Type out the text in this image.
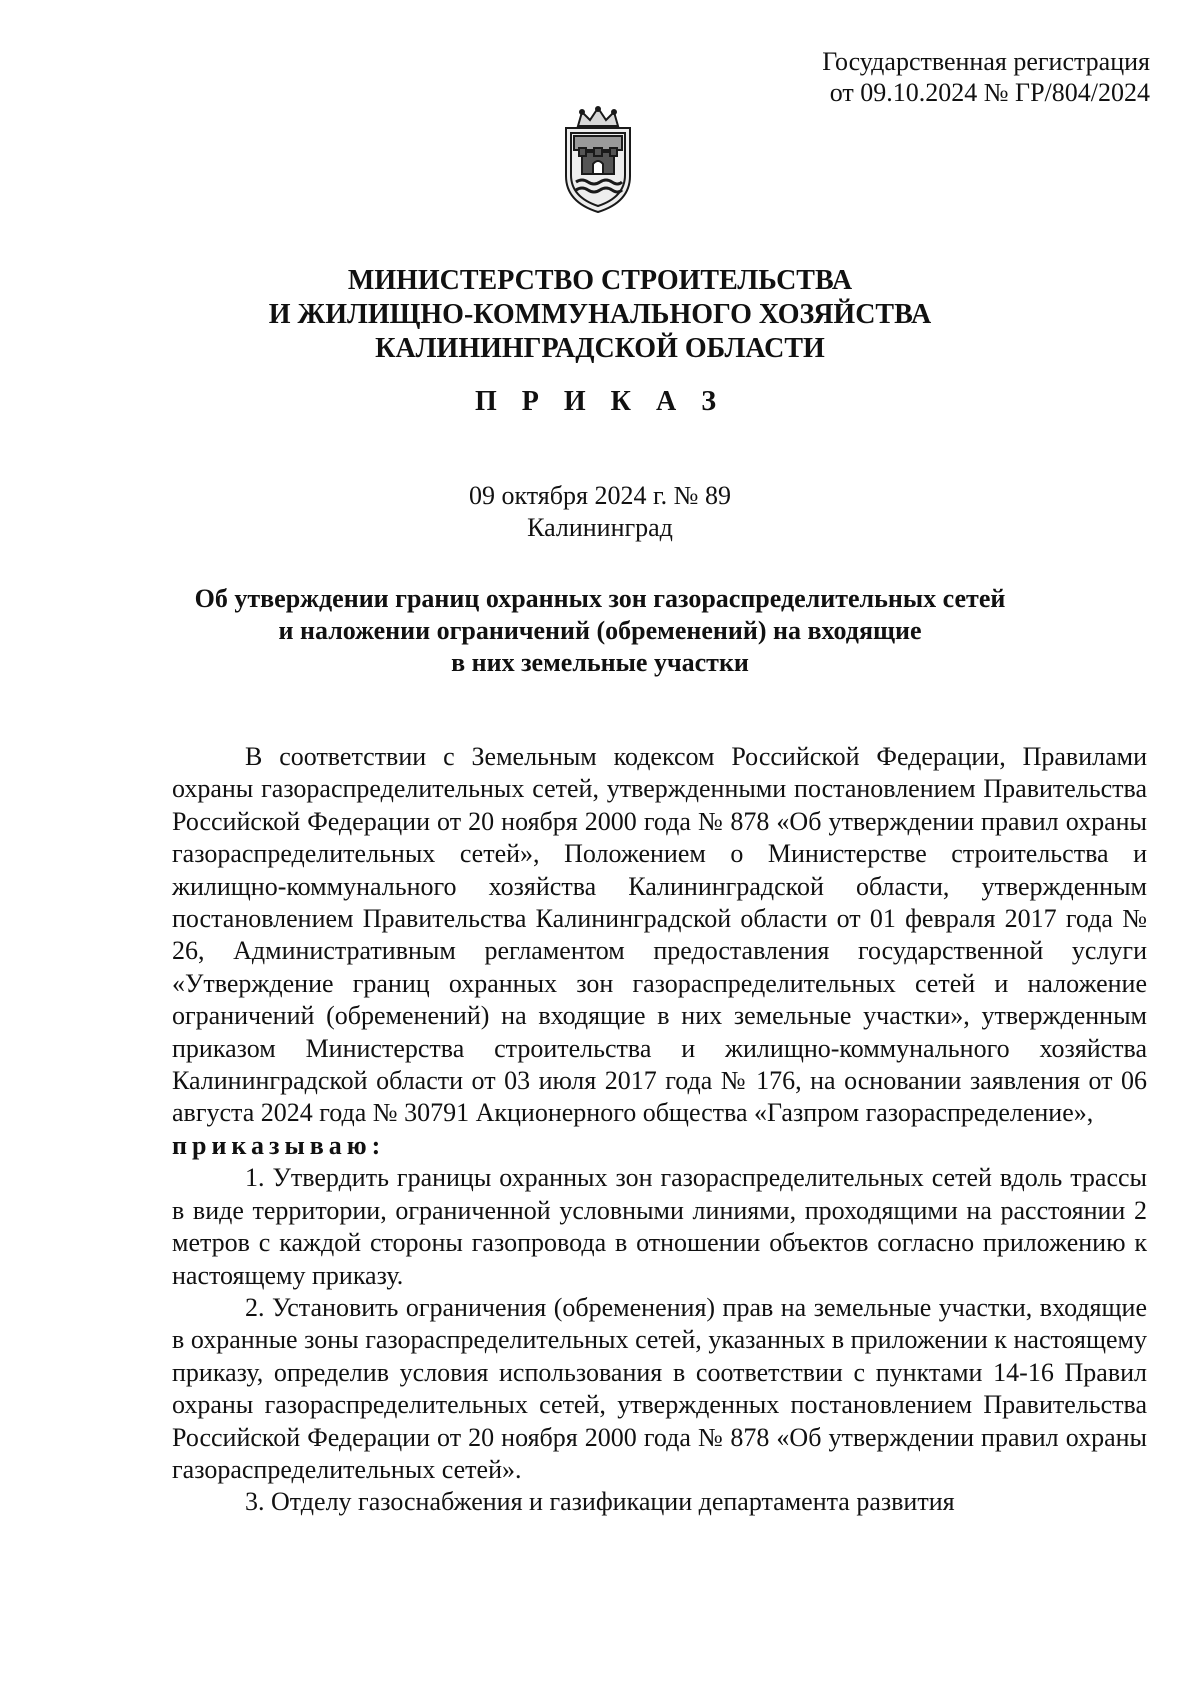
Государственная регистрация
от 09.10.2024 № ГР/804/2024
МИНИСТЕРСТВО СТРОИТЕЛЬСТВА
И ЖИЛИЩНО-КОММУНАЛЬНОГО ХОЗЯЙСТВА
КАЛИНИНГРАДСКОЙ ОБЛАСТИ
П Р И К А З
09 октября 2024 г. № 89
Калининград
Об утверждении границ охранных зон газораспределительных сетей
и наложении ограничений (обременений) на входящие
в них земельные участки

В соответствии с Земельным кодексом Российской Федерации, Правилами охраны газораспределительных сетей, утвержденными постановлением Правительства Российской Федерации от 20 ноября 2000 года № 878 «Об утверждении правил охраны газораспределительных сетей», Положением о Министерстве строительства и жилищно-коммунального хозяйства Калининградской области, утвержденным постановлением Правительства Калининградской области от 01 февраля 2017 года № 26, Административным регламентом предоставления государственной услуги «Утверждение границ охранных зон газораспределительных сетей и наложение ограничений (обременений) на входящие в них земельные участки», утвержденным приказом Министерства строительства и жилищно-коммунального хозяйства Калининградской области от 03 июля 2017 года № 176, на основании заявления от 06 августа 2024 года № 30791 Акционерного общества «Газпром газораспределение»,

приказываю:

1. Утвердить границы охранных зон газораспределительных сетей вдоль трассы в виде территории, ограниченной условными линиями, проходящими на расстоянии 2 метров с каждой стороны газопровода в отношении объектов согласно приложению к настоящему приказу.

2. Установить ограничения (обременения) прав на земельные участки, входящие в охранные зоны газораспределительных сетей, указанных в приложении к настоящему приказу, определив условия использования в соответствии с пунктами 14-16 Правил охраны газораспределительных сетей, утвержденных постановлением Правительства Российской Федерации от 20 ноября 2000 года № 878 «Об утверждении правил охраны газораспределительных сетей».

3. Отделу газоснабжения и газификации департамента развития
